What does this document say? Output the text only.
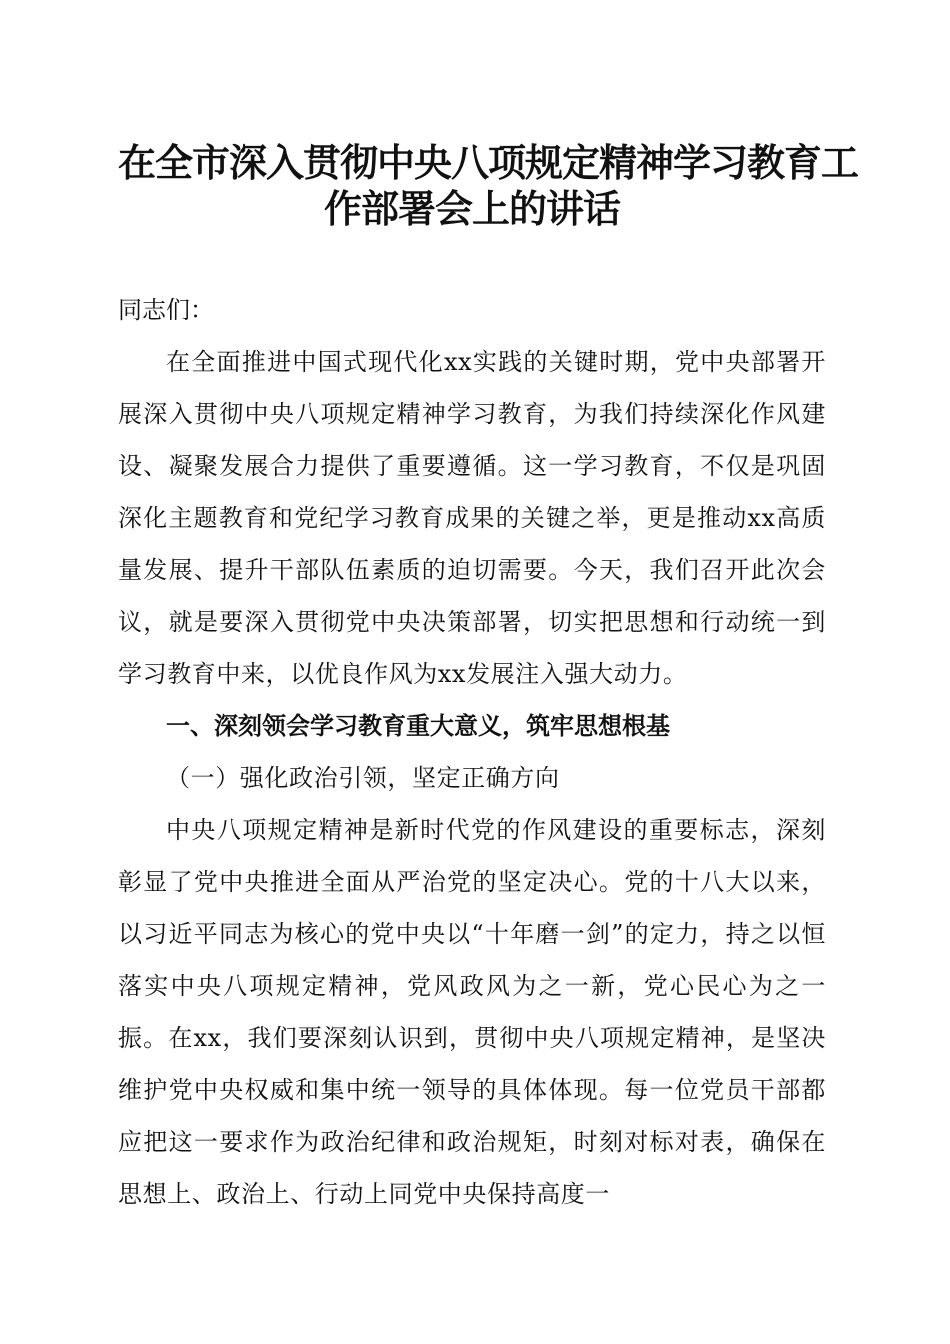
在全市深入贯彻中央八项规定精神学习教育工
作部署会上的讲话
同志们：

在全面推进中国式现代化xx实践的关键时期，党中央部署开展深入贯彻中央八项规定精神学习教育，为我们持续深化作风建设、凝聚发展合力提供了重要遵循。这一学习教育，不仅是巩固深化主题教育和党纪学习教育成果的关键之举，更是推动xx高质量发展、提升干部队伍素质的迫切需要。今天，我们召开此次会议，就是要深入贯彻党中央决策部署，切实把思想和行动统一到学习教育中来，以优良作风为xx发展注入强大动力。

一、深刻领会学习教育重大意义，筑牢思想根基

（一）强化政治引领，坚定正确方向

中央八项规定精神是新时代党的作风建设的重要标志，深刻彰显了党中央推进全面从严治党的坚定决心。党的十八大以来，以习近平同志为核心的党中央以“十年磨一剑”的定力，持之以恒落实中央八项规定精神，党风政风为之一新，党心民心为之一振。在xx，我们要深刻认识到，贯彻中央八项规定精神，是坚决维护党中央权威和集中统一领导的具体体现。每一位党员干部都应把这一要求作为政治纪律和政治规矩，时刻对标对表，确保在思想上、政治上、行动上同党中央保持高度一
